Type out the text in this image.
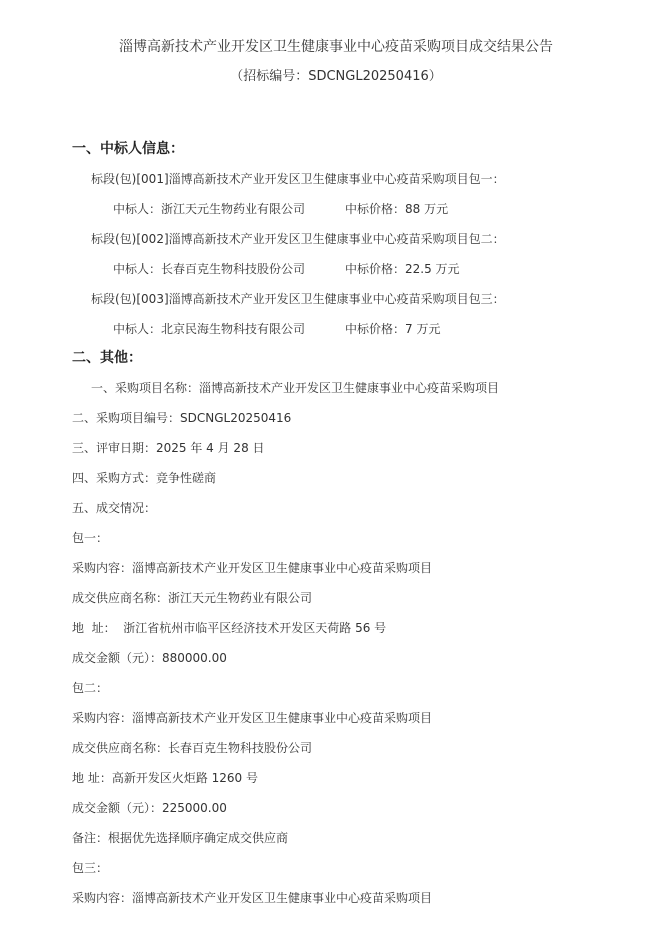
淄博高新技术产业开发区卫生健康事业中心疫苗采购项目成交结果公告
（招标编号：SDCNGL20250416）
一、中标人信息：
标段(包)[001]淄博高新技术产业开发区卫生健康事业中心疫苗采购项目包一：
中标人：浙江天元生物药业有限公司	中标价格：88 万元
标段(包)[002]淄博高新技术产业开发区卫生健康事业中心疫苗采购项目包二：
中标人：长春百克生物科技股份公司	中标价格：22.5 万元
标段(包)[003]淄博高新技术产业开发区卫生健康事业中心疫苗采购项目包三：
中标人：北京民海生物科技有限公司	中标价格：7 万元
二、其他：
一、采购项目名称：淄博高新技术产业开发区卫生健康事业中心疫苗采购项目
二、采购项目编号：SDCNGL20250416
三、评审日期：2025 年 4 月 28 日
四、采购方式：竞争性磋商
五、成交情况：
包一：
采购内容：淄博高新技术产业开发区卫生健康事业中心疫苗采购项目
成交供应商名称：浙江天元生物药业有限公司
地  址：  浙江省杭州市临平区经济技术开发区天荷路 56 号
成交金额（元）：880000.00
包二：
采购内容：淄博高新技术产业开发区卫生健康事业中心疫苗采购项目
成交供应商名称：长春百克生物科技股份公司
地 址：高新开发区火炬路 1260 号
成交金额（元）：225000.00
备注：根据优先选择顺序确定成交供应商
包三：
采购内容：淄博高新技术产业开发区卫生健康事业中心疫苗采购项目
